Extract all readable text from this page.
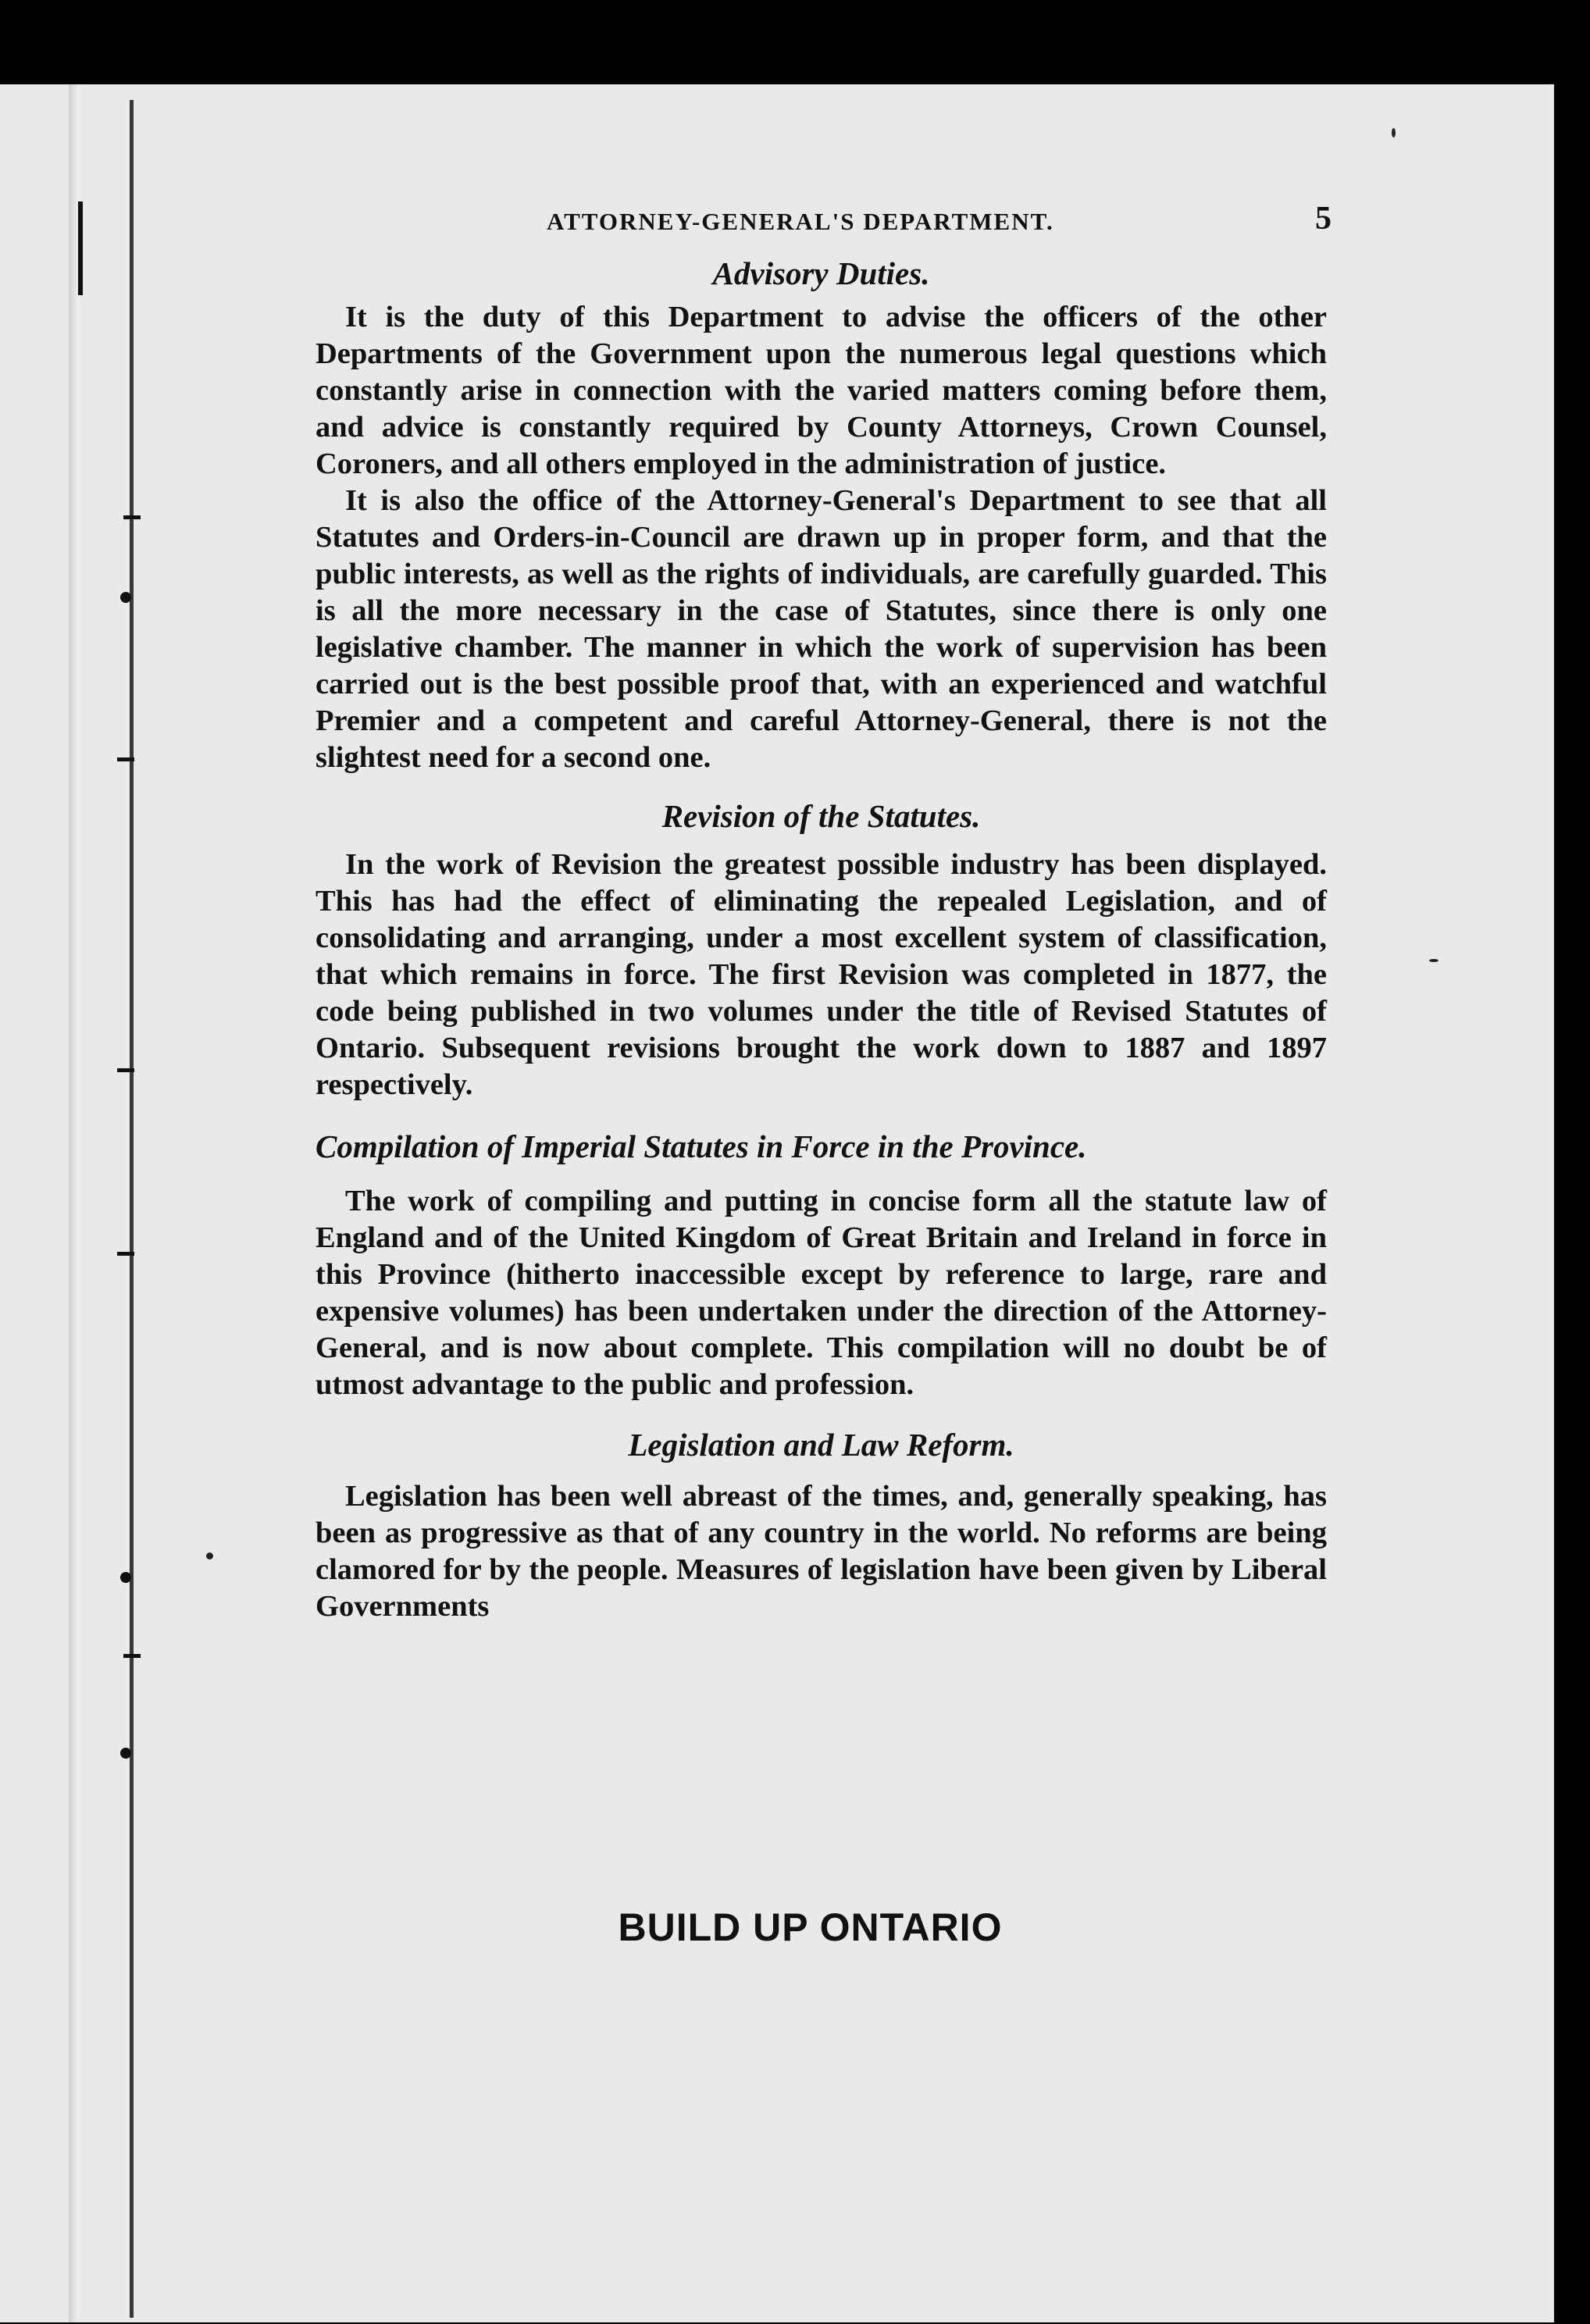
ATTORNEY-GENERAL'S DEPARTMENT.	5
Advisory Duties.

It is the duty of this Department to advise the officers of the other Departments of the Government upon the numerous legal questions which constantly arise in connection with the varied matters coming before them, and advice is constantly required by County Attorneys, Crown Counsel, Coroners, and all others employed in the administration of justice.

It is also the office of the Attorney-General's Department to see that all Statutes and Orders-in-Council are drawn up in proper form, and that the public interests, as well as the rights of individuals, are carefully guarded. This is all the more necessary in the case of Statutes, since there is only one legislative chamber. The manner in which the work of supervision has been carried out is the best possible proof that, with an experienced and watchful Premier and a competent and careful Attorney-General, there is not the slightest need for a second one.

Revision of the Statutes.

In the work of Revision the greatest possible industry has been displayed. This has had the effect of eliminating the repealed Legislation, and of consolidating and arranging, under a most excellent system of classification, that which remains in force. The first Revision was completed in 1877, the code being published in two volumes under the title of Revised Statutes of Ontario. Subsequent revisions brought the work down to 1887 and 1897 respectively.

Compilation of Imperial Statutes in Force in the Province.

The work of compiling and putting in concise form all the statute law of England and of the United Kingdom of Great Britain and Ireland in force in this Province (hitherto inaccessible except by reference to large, rare and expensive volumes) has been undertaken under the direction of the Attorney-General, and is now about complete. This compilation will no doubt be of utmost advantage to the public and profession.

Legislation and Law Reform.

Legislation has been well abreast of the times, and, generally speaking, has been as progressive as that of any country in the world. No reforms are being clamored for by the people. Measures of legislation have been given by Liberal Governments

BUILD UP ONTARIO
